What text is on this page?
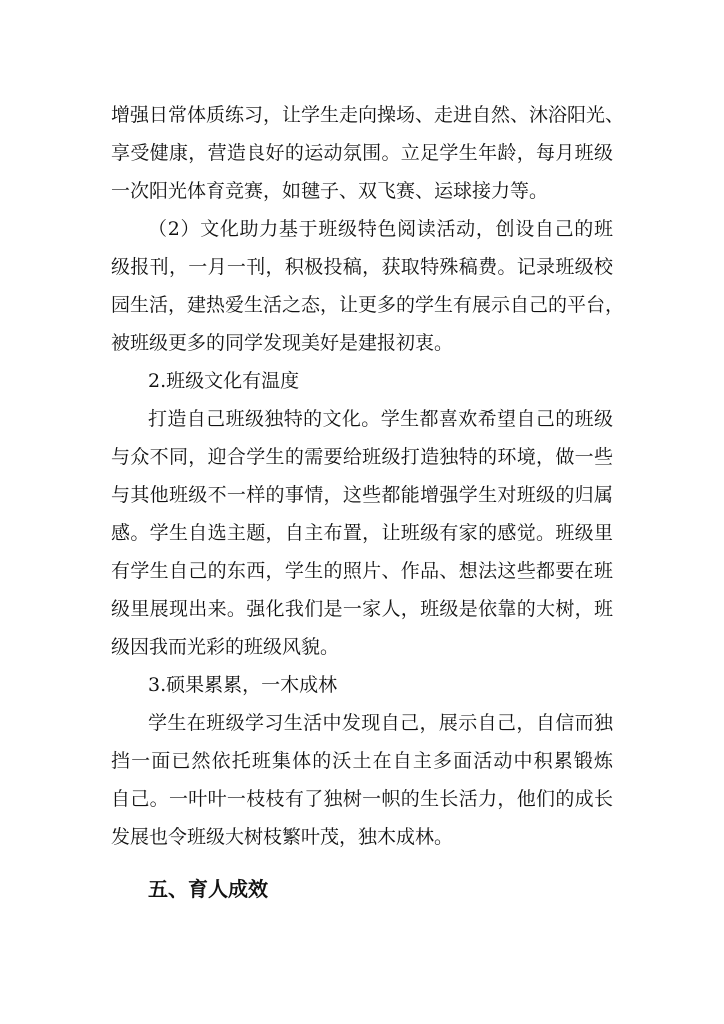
增强日常体质练习，让学生走向操场、走进自然、沐浴阳光、
享受健康，营造良好的运动氛围。立足学生年龄，每月班级
一次阳光体育竞赛，如毽子、双飞赛、运球接力等。
（2）文化助力基于班级特色阅读活动，创设自己的班
级报刊，一月一刊，积极投稿，获取特殊稿费。记录班级校
园生活，建热爱生活之态，让更多的学生有展示自己的平台，
被班级更多的同学发现美好是建报初衷。
2.班级文化有温度
打造自己班级独特的文化。学生都喜欢希望自己的班级
与众不同，迎合学生的需要给班级打造独特的环境，做一些
与其他班级不一样的事情，这些都能增强学生对班级的归属
感。学生自选主题，自主布置，让班级有家的感觉。班级里
有学生自己的东西，学生的照片、作品、想法这些都要在班
级里展现出来。强化我们是一家人，班级是依靠的大树，班
级因我而光彩的班级风貌。
3.硕果累累，一木成林
学生在班级学习生活中发现自己，展示自己，自信而独
挡一面已然依托班集体的沃土在自主多面活动中积累锻炼
自己。一叶叶一枝枝有了独树一帜的生长活力，他们的成长
发展也令班级大树枝繁叶茂，独木成林。
五、育人成效
